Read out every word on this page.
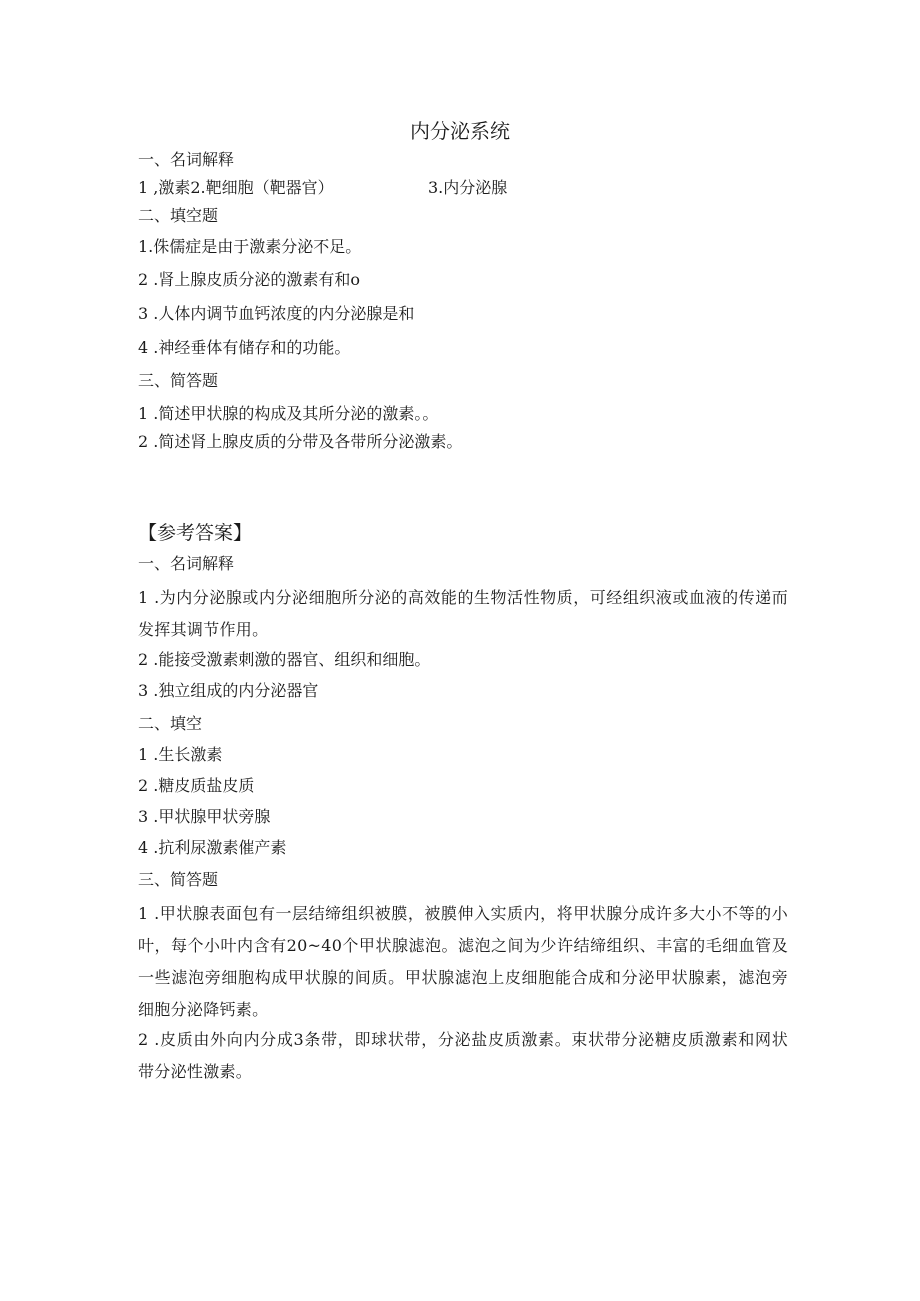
内分泌系统
一、名词解释
1 ,激素2.靶细胞（靶器官）	3.内分泌腺
二、填空题
1.侏儒症是由于激素分泌不足。
2 .肾上腺皮质分泌的激素有和o
3 .人体内调节血钙浓度的内分泌腺是和
4 .神经垂体有储存和的功能。
三、简答题
1 .简述甲状腺的构成及其所分泌的激素。。
2 .简述肾上腺皮质的分带及各带所分泌激素。
【参考答案】
一、名词解释
1 .为内分泌腺或内分泌细胞所分泌的高效能的生物活性物质，可经组织液或血液的传递而发挥其调节作用。
2 .能接受激素刺激的器官、组织和细胞。
3 .独立组成的内分泌器官
二、填空
1 .生长激素
2 .糖皮质盐皮质
3 .甲状腺甲状旁腺
4 .抗利尿激素催产素
三、简答题
1 .甲状腺表面包有一层结缔组织被膜，被膜伸入实质内，将甲状腺分成许多大小不等的小叶，每个小叶内含有20~40个甲状腺滤泡。滤泡之间为少许结缔组织、丰富的毛细血管及一些滤泡旁细胞构成甲状腺的间质。甲状腺滤泡上皮细胞能合成和分泌甲状腺素，滤泡旁细胞分泌降钙素。
2 .皮质由外向内分成3条带，即球状带，分泌盐皮质激素。束状带分泌糖皮质激素和网状带分泌性激素。
